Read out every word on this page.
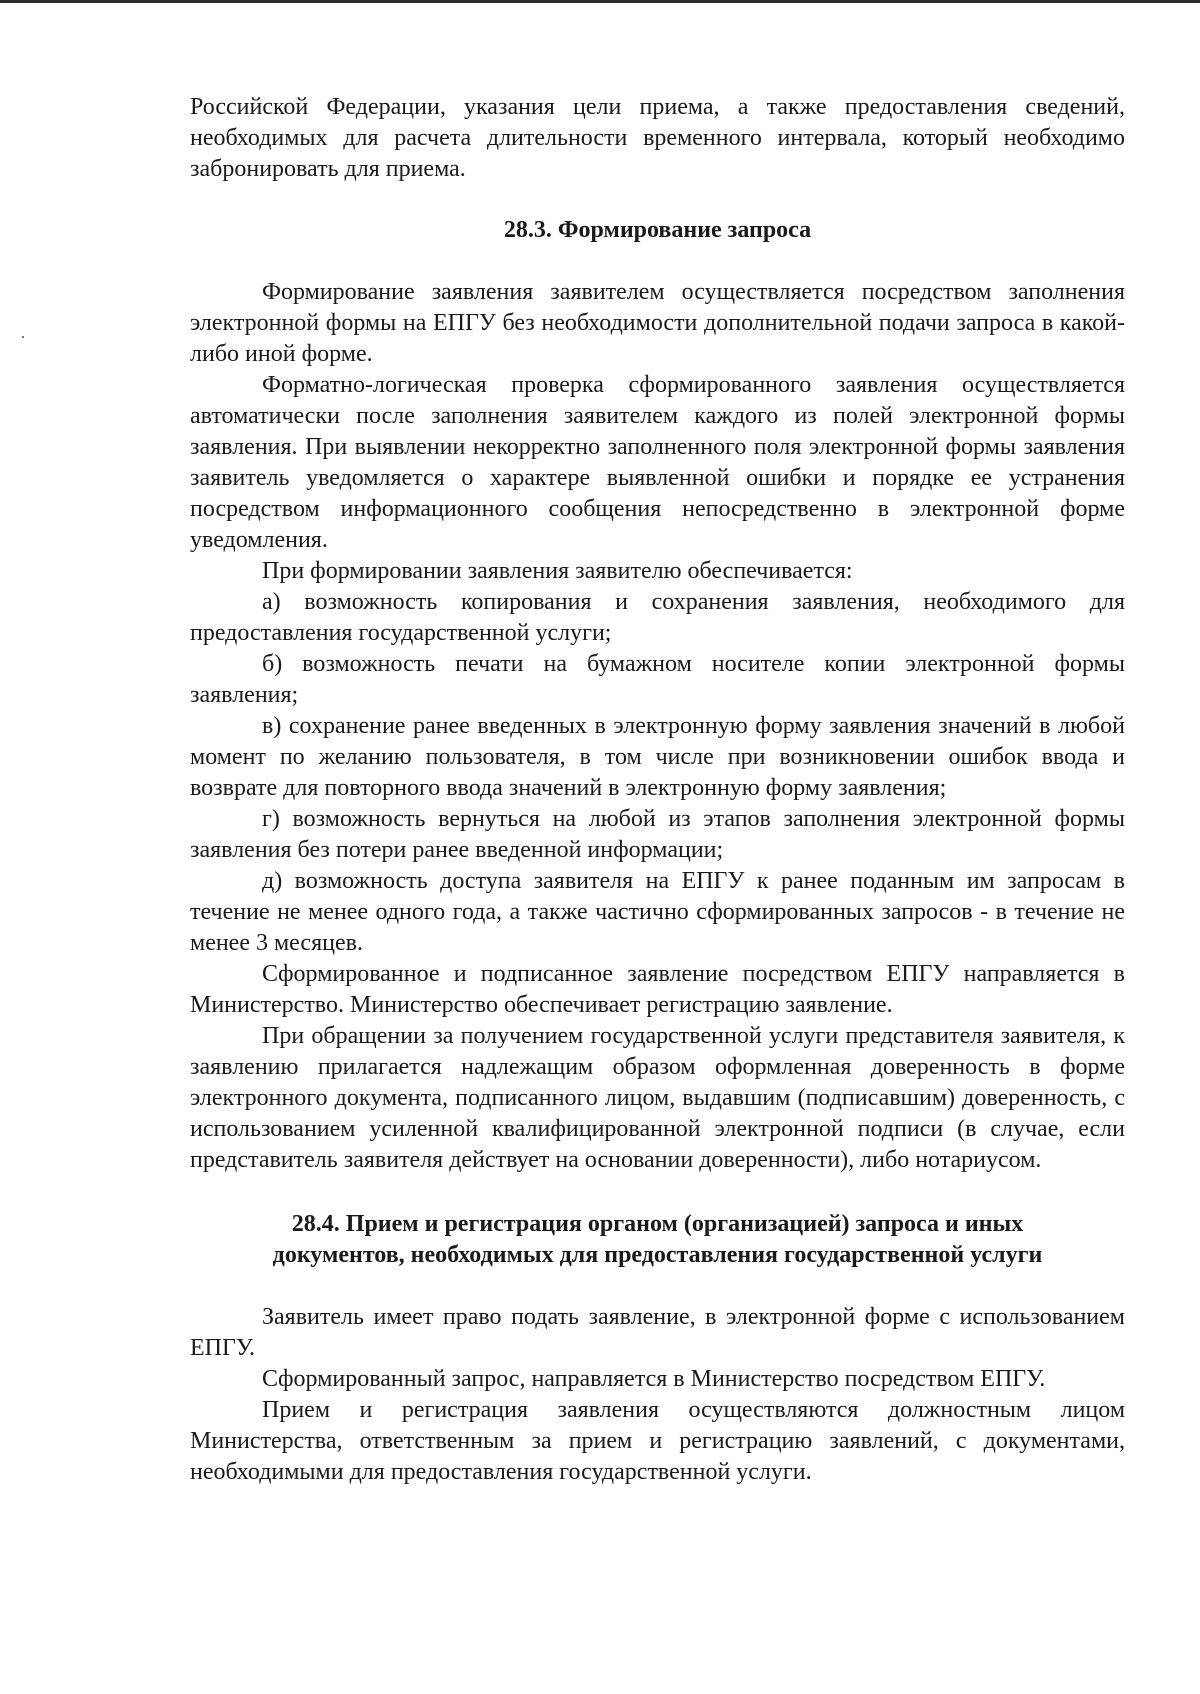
Российской Федерации, указания цели приема, а также предоставления сведений, необходимых для расчета длительности временного интервала, который необходимо забронировать для приема.

28.3. Формирование запроса

Формирование заявления заявителем осуществляется посредством заполнения электронной формы на ЕПГУ без необходимости дополнительной подачи запроса в какой-либо иной форме.

Форматно-логическая проверка сформированного заявления осуществляется автоматически после заполнения заявителем каждого из полей электронной формы заявления. При выявлении некорректно заполненного поля электронной формы заявления заявитель уведомляется о характере выявленной ошибки и порядке ее устранения посредством информационного сообщения непосредственно в электронной форме уведомления.

При формировании заявления заявителю обеспечивается:

а) возможность копирования и сохранения заявления, необходимого для предоставления государственной услуги;

б) возможность печати на бумажном носителе копии электронной формы заявления;

в) сохранение ранее введенных в электронную форму заявления значений в любой момент по желанию пользователя, в том числе при возникновении ошибок ввода и возврате для повторного ввода значений в электронную форму заявления;

г) возможность вернуться на любой из этапов заполнения электронной формы заявления без потери ранее введенной информации;

д) возможность доступа заявителя на ЕПГУ к ранее поданным им запросам в течение не менее одного года, а также частично сформированных запросов - в течение не менее 3 месяцев.

Сформированное и подписанное заявление посредством ЕПГУ направляется в Министерство. Министерство обеспечивает регистрацию заявление.

При обращении за получением государственной услуги представителя заявителя, к заявлению прилагается надлежащим образом оформленная доверенность в форме электронного документа, подписанного лицом, выдавшим (подписавшим) доверенность, с использованием усиленной квалифицированной электронной подписи (в случае, если представитель заявителя действует на основании доверенности), либо нотариусом.

28.4. Прием и регистрация органом (организацией) запроса и иных
документов, необходимых для предоставления государственной услуги

Заявитель имеет право подать заявление, в электронной форме с использованием ЕПГУ.

Сформированный запрос, направляется в Министерство посредством ЕПГУ.

Прием и регистрация заявления осуществляются должностным лицом Министерства, ответственным за прием и регистрацию заявлений, с документами, необходимыми для предоставления государственной услуги.
